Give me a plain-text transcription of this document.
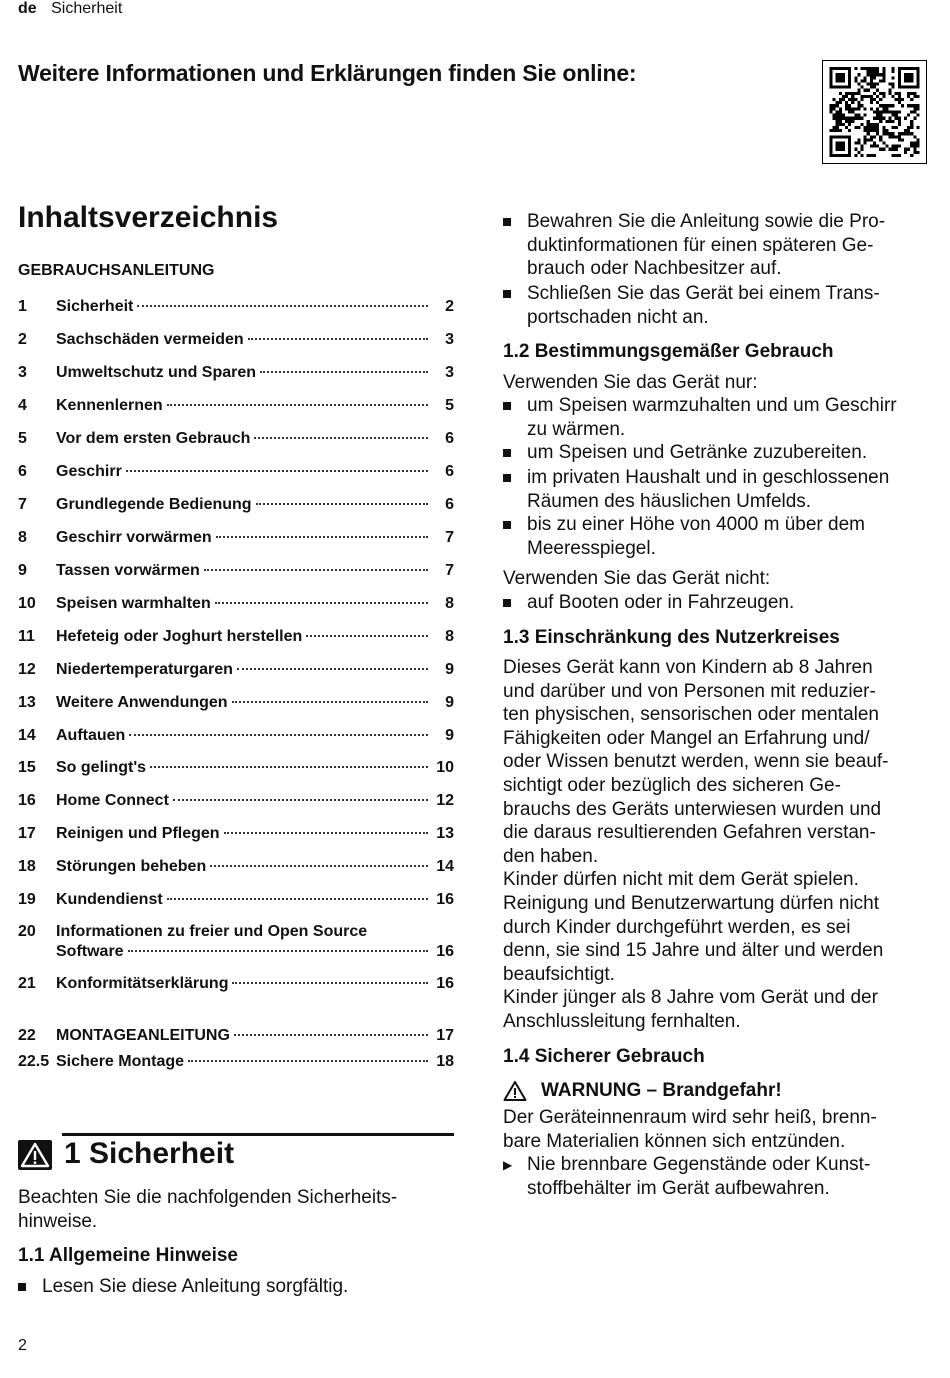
de Sicherheit
Weitere Informationen und Erklärungen finden Sie online:
Inhaltsverzeichnis
GEBRAUCHSANLEITUNG
1	Sicherheit	2
2	Sachschäden vermeiden	3
3	Umweltschutz und Sparen	3
4	Kennenlernen	5
5	Vor dem ersten Gebrauch	6
6	Geschirr	6
7	Grundlegende Bedienung	6
8	Geschirr vorwärmen	7
9	Tassen vorwärmen	7
10	Speisen warmhalten	8
11	Hefeteig oder Joghurt herstellen	8
12	Niedertemperaturgaren	9
13	Weitere Anwendungen	9
14	Auftauen	9
15	So gelingt's	10
16	Home Connect	12
17	Reinigen und Pflegen	13
18	Störungen beheben	14
19	Kundendienst	16
20	Informationen zu freier und Open Source
Software	16
21	Konformitätserklärung	16
22	MONTAGEANLEITUNG	17
22.5 Sichere Montage	18
1 Sicherheit
Beachten Sie die nachfolgenden Sicherheits-
hinweise.
1.1 Allgemeine Hinweise
Lesen Sie diese Anleitung sorgfältig.
Bewahren Sie die Anleitung sowie die Pro-
duktinformationen für einen späteren Ge-
brauch oder Nachbesitzer auf.
Schließen Sie das Gerät bei einem Trans-
portschaden nicht an.
1.2 Bestimmungsgemäßer Gebrauch
Verwenden Sie das Gerät nur:
um Speisen warmzuhalten und um Geschirr
zu wärmen.
um Speisen und Getränke zuzubereiten.
im privaten Haushalt und in geschlossenen
Räumen des häuslichen Umfelds.
bis zu einer Höhe von 4000 m über dem
Meeresspiegel.
Verwenden Sie das Gerät nicht:
auf Booten oder in Fahrzeugen.
1.3 Einschränkung des Nutzerkreises
Dieses Gerät kann von Kindern ab 8 Jahren
und darüber und von Personen mit reduzier-
ten physischen, sensorischen oder mentalen
Fähigkeiten oder Mangel an Erfahrung und/
oder Wissen benutzt werden, wenn sie beauf-
sichtigt oder bezüglich des sicheren Ge-
brauchs des Geräts unterwiesen wurden und
die daraus resultierenden Gefahren verstan-
den haben.
Kinder dürfen nicht mit dem Gerät spielen.
Reinigung und Benutzerwartung dürfen nicht
durch Kinder durchgeführt werden, es sei
denn, sie sind 15 Jahre und älter und werden
beaufsichtigt.
Kinder jünger als 8 Jahre vom Gerät und der
Anschlussleitung fernhalten.
1.4 Sicherer Gebrauch
WARNUNG – Brandgefahr!
Der Geräteinnenraum wird sehr heiß, brenn-
bare Materialien können sich entzünden.
▶ Nie brennbare Gegenstände oder Kunst-
stoffbehälter im Gerät aufbewahren.
2
